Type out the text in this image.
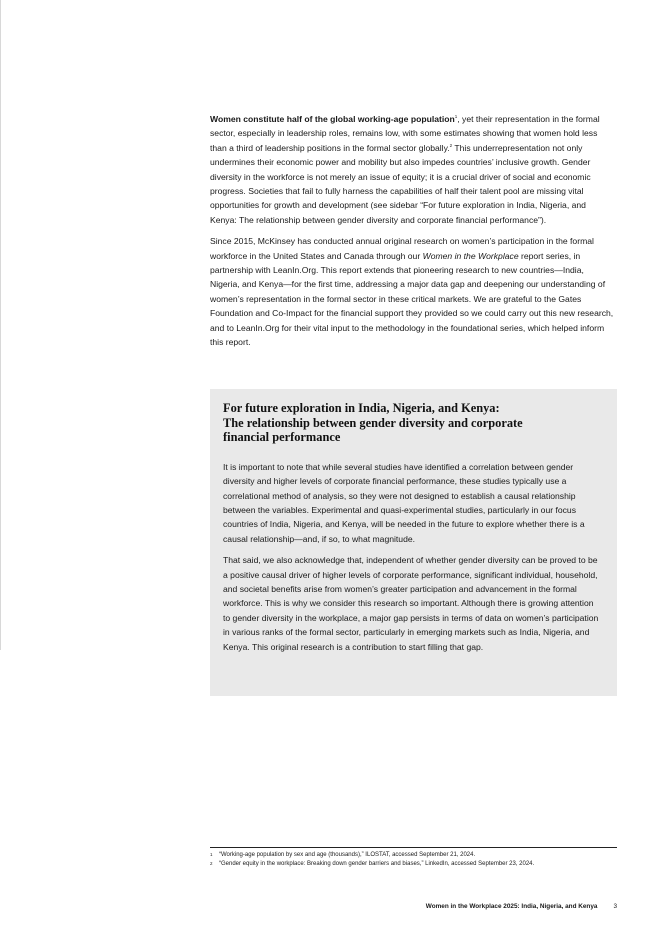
Women constitute half of the global working-age population$^1$, yet their representation in the formal sector, especially in leadership roles, remains low, with some estimates showing that women hold less than a third of leadership positions in the formal sector globally.$^2$ This underrepresentation not only undermines their economic power and mobility but also impedes countries’ inclusive growth. Gender diversity in the workforce is not merely an issue of equity; it is a crucial driver of social and economic progress. Societies that fail to fully harness the capabilities of half their talent pool are missing vital opportunities for growth and development (see sidebar “For future exploration in India, Nigeria, and Kenya: The relationship between gender diversity and corporate financial performance”).

Since 2015, McKinsey has conducted annual original research on women’s participation in the formal workforce in the United States and Canada through our Women in the Workplace report series, in partnership with LeanIn.Org. This report extends that pioneering research to new countries—India, Nigeria, and Kenya—for the first time, addressing a major data gap and deepening our understanding of women’s representation in the formal sector in these critical markets. We are grateful to the Gates Foundation and Co-Impact for the financial support they provided so we could carry out this new research, and to LeanIn.Org for their vital input to the methodology in the foundational series, which helped inform this report.

For future exploration in India, Nigeria, and Kenya: The relationship between gender diversity and corporate financial performance

It is important to note that while several studies have identified a correlation between gender diversity and higher levels of corporate financial performance, these studies typically use a correlational method of analysis, so they were not designed to establish a causal relationship between the variables. Experimental and quasi-experimental studies, particularly in our focus countries of India, Nigeria, and Kenya, will be needed in the future to explore whether there is a causal relationship—and, if so, to what magnitude.

That said, we also acknowledge that, independent of whether gender diversity can be proved to be a positive causal driver of higher levels of corporate performance, significant individual, household, and societal benefits arise from women’s greater participation and advancement in the formal workforce. This is why we consider this research so important. Although there is growing attention to gender diversity in the workplace, a major gap persists in terms of data on women’s participation in various ranks of the formal sector, particularly in emerging markets such as India, Nigeria, and Kenya. This original research is a contribution to start filling that gap.

1 “Working-age population by sex and age (thousands),” ILOSTAT, accessed September 21, 2024.
2 “Gender equity in the workplace: Breaking down gender barriers and biases,” LinkedIn, accessed September 23, 2024.
Women in the Workplace 2025: India, Nigeria, and Kenya	3
